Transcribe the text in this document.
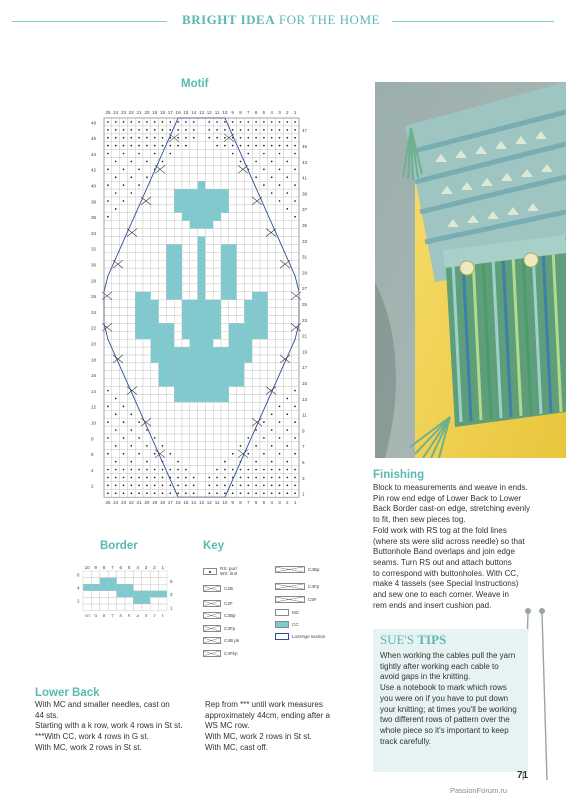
BRIGHT IDEA FOR THE HOME
Motif
25
25
24
24
23
23
22
22
21
21
20
20
19
19
18
18
17
17
16
16
15
15
14
14
13
13
12
12
11
11
10
10
9
9
8
8
7
7
6
6
5
5
4
4
3
3
2
2
1
1
48
46
44
42
40
38
36
34
32
30
28
26
24
22
20
18
16
14
12
10
8
6
4
2
47
45
43
41
39
37
35
33
31
29
27
25
23
21
19
17
15
13
11
9
7
5
3
1
Border
10
10
9
9
8
8
7
7
6
6
5
5
4
4
3
3
2
2
1
1
6
4
2
5
3
1
Key
RS: purl
WS: knit
C2B
C2F
C3Bp
C3Fp
C4B pk
C4Fkp
C4Bp
C4Fp
C5F
MC
CC
Lozenge section
Finishing
Block to measurements and weave in ends.
Pin row end edge of Lower Back to Lower
Back Border cast-on edge, stretching evenly
to fit, then sew pieces tog.
Fold work with RS tog at the fold lines
(where sts were slid across needle) so that
Buttonhole Band overlaps and join edge
seams. Turn RS out and attach buttons
to correspond with buttonholes. With CC,
make 4 tassels (see Special Instructions)
and sew one to each corner. Weave in
rem ends and insert cushion pad.
SUE'S TIPS
When working the cables pull the yarn
tightly after working each cable to
avoid gaps in the knitting.
Use a notebook to mark which rows
you were on if you have to put down
your knitting; at times you'll be working
two different rows of pattern over the
whole piece so it's important to keep
track carefully.
Lower Back
With MC and smaller needles, cast on
44 sts.
Starting with a k row, work 4 rows in St st.
***With CC, work 4 rows in G st.
With MC, work 2 rows in St st.
Rep from *** until work measures
approximately 44cm, ending after a
WS MC row.
With MC, work 2 rows in St st.
With MC, cast off.
71
PassionForum.ru
